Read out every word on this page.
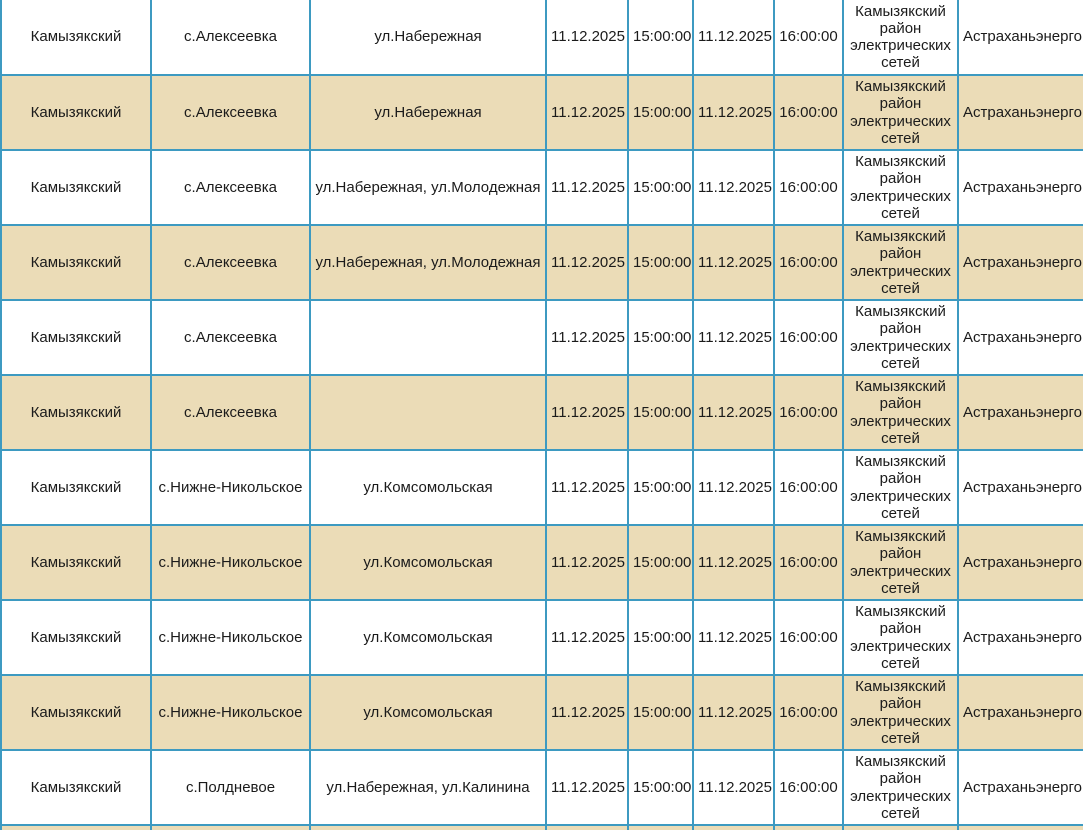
Камызякский	с.Алексеевка	ул.Набережная	11.12.2025	15:00:00	11.12.2025	16:00:00	Камызякский район электрических сетей	Астраханьэнерго
Камызякский	с.Алексеевка	ул.Набережная	11.12.2025	15:00:00	11.12.2025	16:00:00	Камызякский район электрических сетей	Астраханьэнерго
Камызякский	с.Алексеевка	ул.Набережная, ул.Молодежная	11.12.2025	15:00:00	11.12.2025	16:00:00	Камызякский район электрических сетей	Астраханьэнерго
Камызякский	с.Алексеевка	ул.Набережная, ул.Молодежная	11.12.2025	15:00:00	11.12.2025	16:00:00	Камызякский район электрических сетей	Астраханьэнерго
Камызякский	с.Алексеевка		11.12.2025	15:00:00	11.12.2025	16:00:00	Камызякский район электрических сетей	Астраханьэнерго
Камызякский	с.Алексеевка		11.12.2025	15:00:00	11.12.2025	16:00:00	Камызякский район электрических сетей	Астраханьэнерго
Камызякский	с.Нижне-Никольское	ул.Комсомольская	11.12.2025	15:00:00	11.12.2025	16:00:00	Камызякский район электрических сетей	Астраханьэнерго
Камызякский	с.Нижне-Никольское	ул.Комсомольская	11.12.2025	15:00:00	11.12.2025	16:00:00	Камызякский район электрических сетей	Астраханьэнерго
Камызякский	с.Нижне-Никольское	ул.Комсомольская	11.12.2025	15:00:00	11.12.2025	16:00:00	Камызякский район электрических сетей	Астраханьэнерго
Камызякский	с.Нижне-Никольское	ул.Комсомольская	11.12.2025	15:00:00	11.12.2025	16:00:00	Камызякский район электрических сетей	Астраханьэнерго
Камызякский	с.Полдневое	ул.Набережная, ул.Калинина	11.12.2025	15:00:00	11.12.2025	16:00:00	Камызякский район электрических сетей	Астраханьэнерго
